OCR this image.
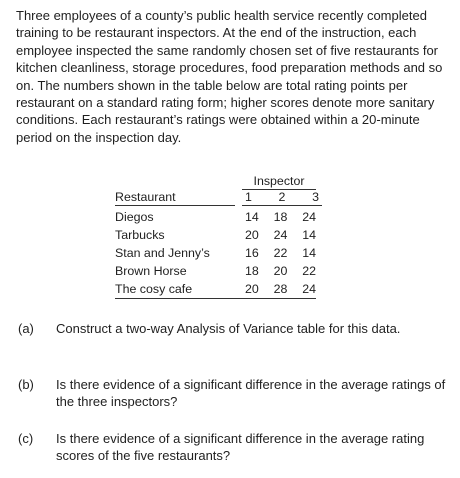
Three employees of a county’s public health service recently completed training to be restaurant inspectors. At the end of the instruction, each employee inspected the same randomly chosen set of five restaurants for kitchen cleanliness, storage procedures, food preparation methods and so on. The numbers shown in the table below are total rating points per restaurant on a standard rating form; higher scores denote more sanitary conditions. Each restaurant’s ratings were obtained within a 20-minute period on the inspection day.

Inspector
Restaurant	1 2 3
Diegos	14 18 24
Tarbucks	20 24 14
Stan and Jenny’s	16 22 14
Brown Horse	18 20 22
The cosy cafe	20 28 24
(a) Construct a two-way Analysis of Variance table for this data.
(b) Is there evidence of a significant difference in the average ratings of the three inspectors?
(c) Is there evidence of a significant difference in the average rating scores of the five restaurants?
